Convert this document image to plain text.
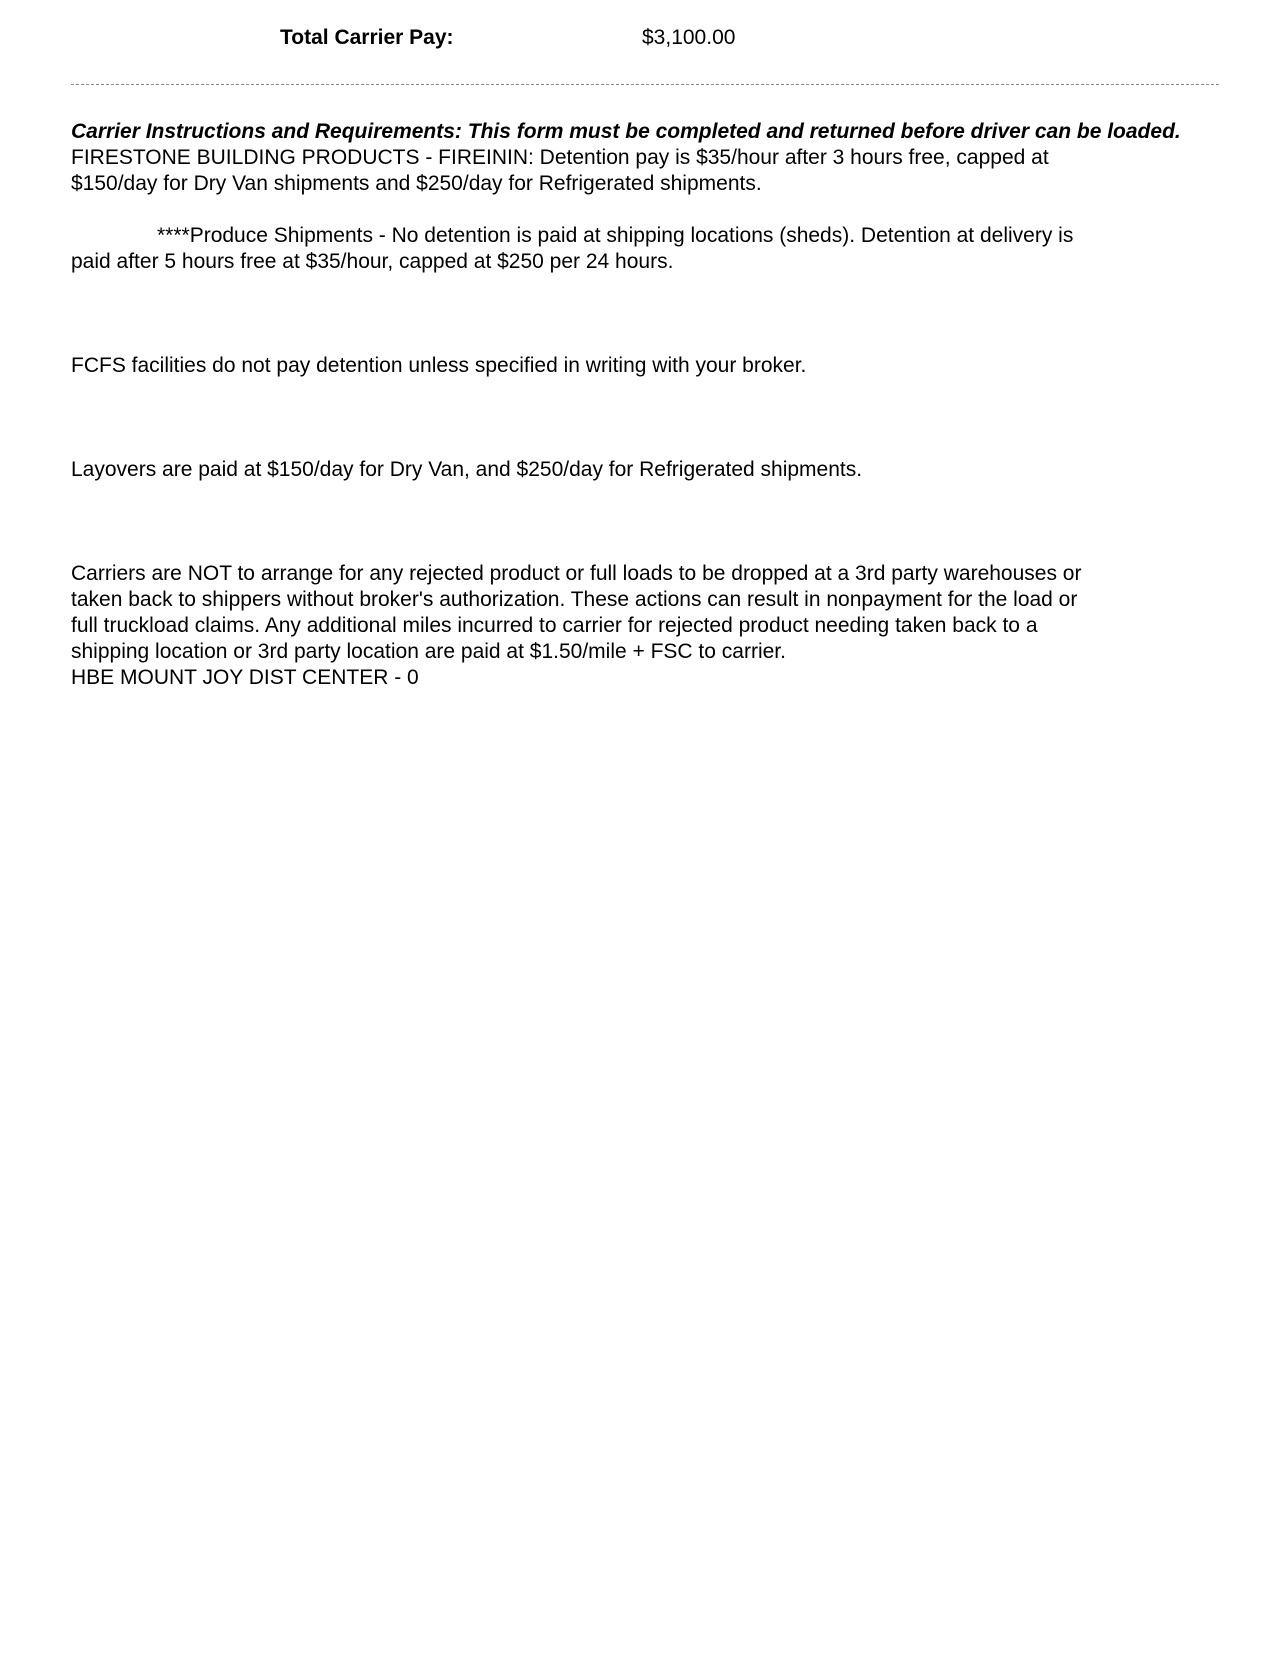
Total Carrier Pay:	$3,100.00

Carrier Instructions and Requirements: This form must be completed and returned before driver can be loaded.

FIRESTONE BUILDING PRODUCTS - FIREININ: Detention pay is $35/hour after 3 hours free, capped at $150/day for Dry Van shipments and $250/day for Refrigerated shipments.

****Produce Shipments - No detention is paid at shipping locations (sheds). Detention at delivery is paid after 5 hours free at $35/hour, capped at $250 per 24 hours.

FCFS facilities do not pay detention unless specified in writing with your broker.

Layovers are paid at $150/day for Dry Van, and $250/day for Refrigerated shipments.

Carriers are NOT to arrange for any rejected product or full loads to be dropped at a 3rd party warehouses or taken back to shippers without broker's authorization. These actions can result in nonpayment for the load or full truckload claims. Any additional miles incurred to carrier for rejected product needing taken back to a shipping location or 3rd party location are paid at $1.50/mile + FSC to carrier.

HBE MOUNT JOY DIST CENTER - 0
